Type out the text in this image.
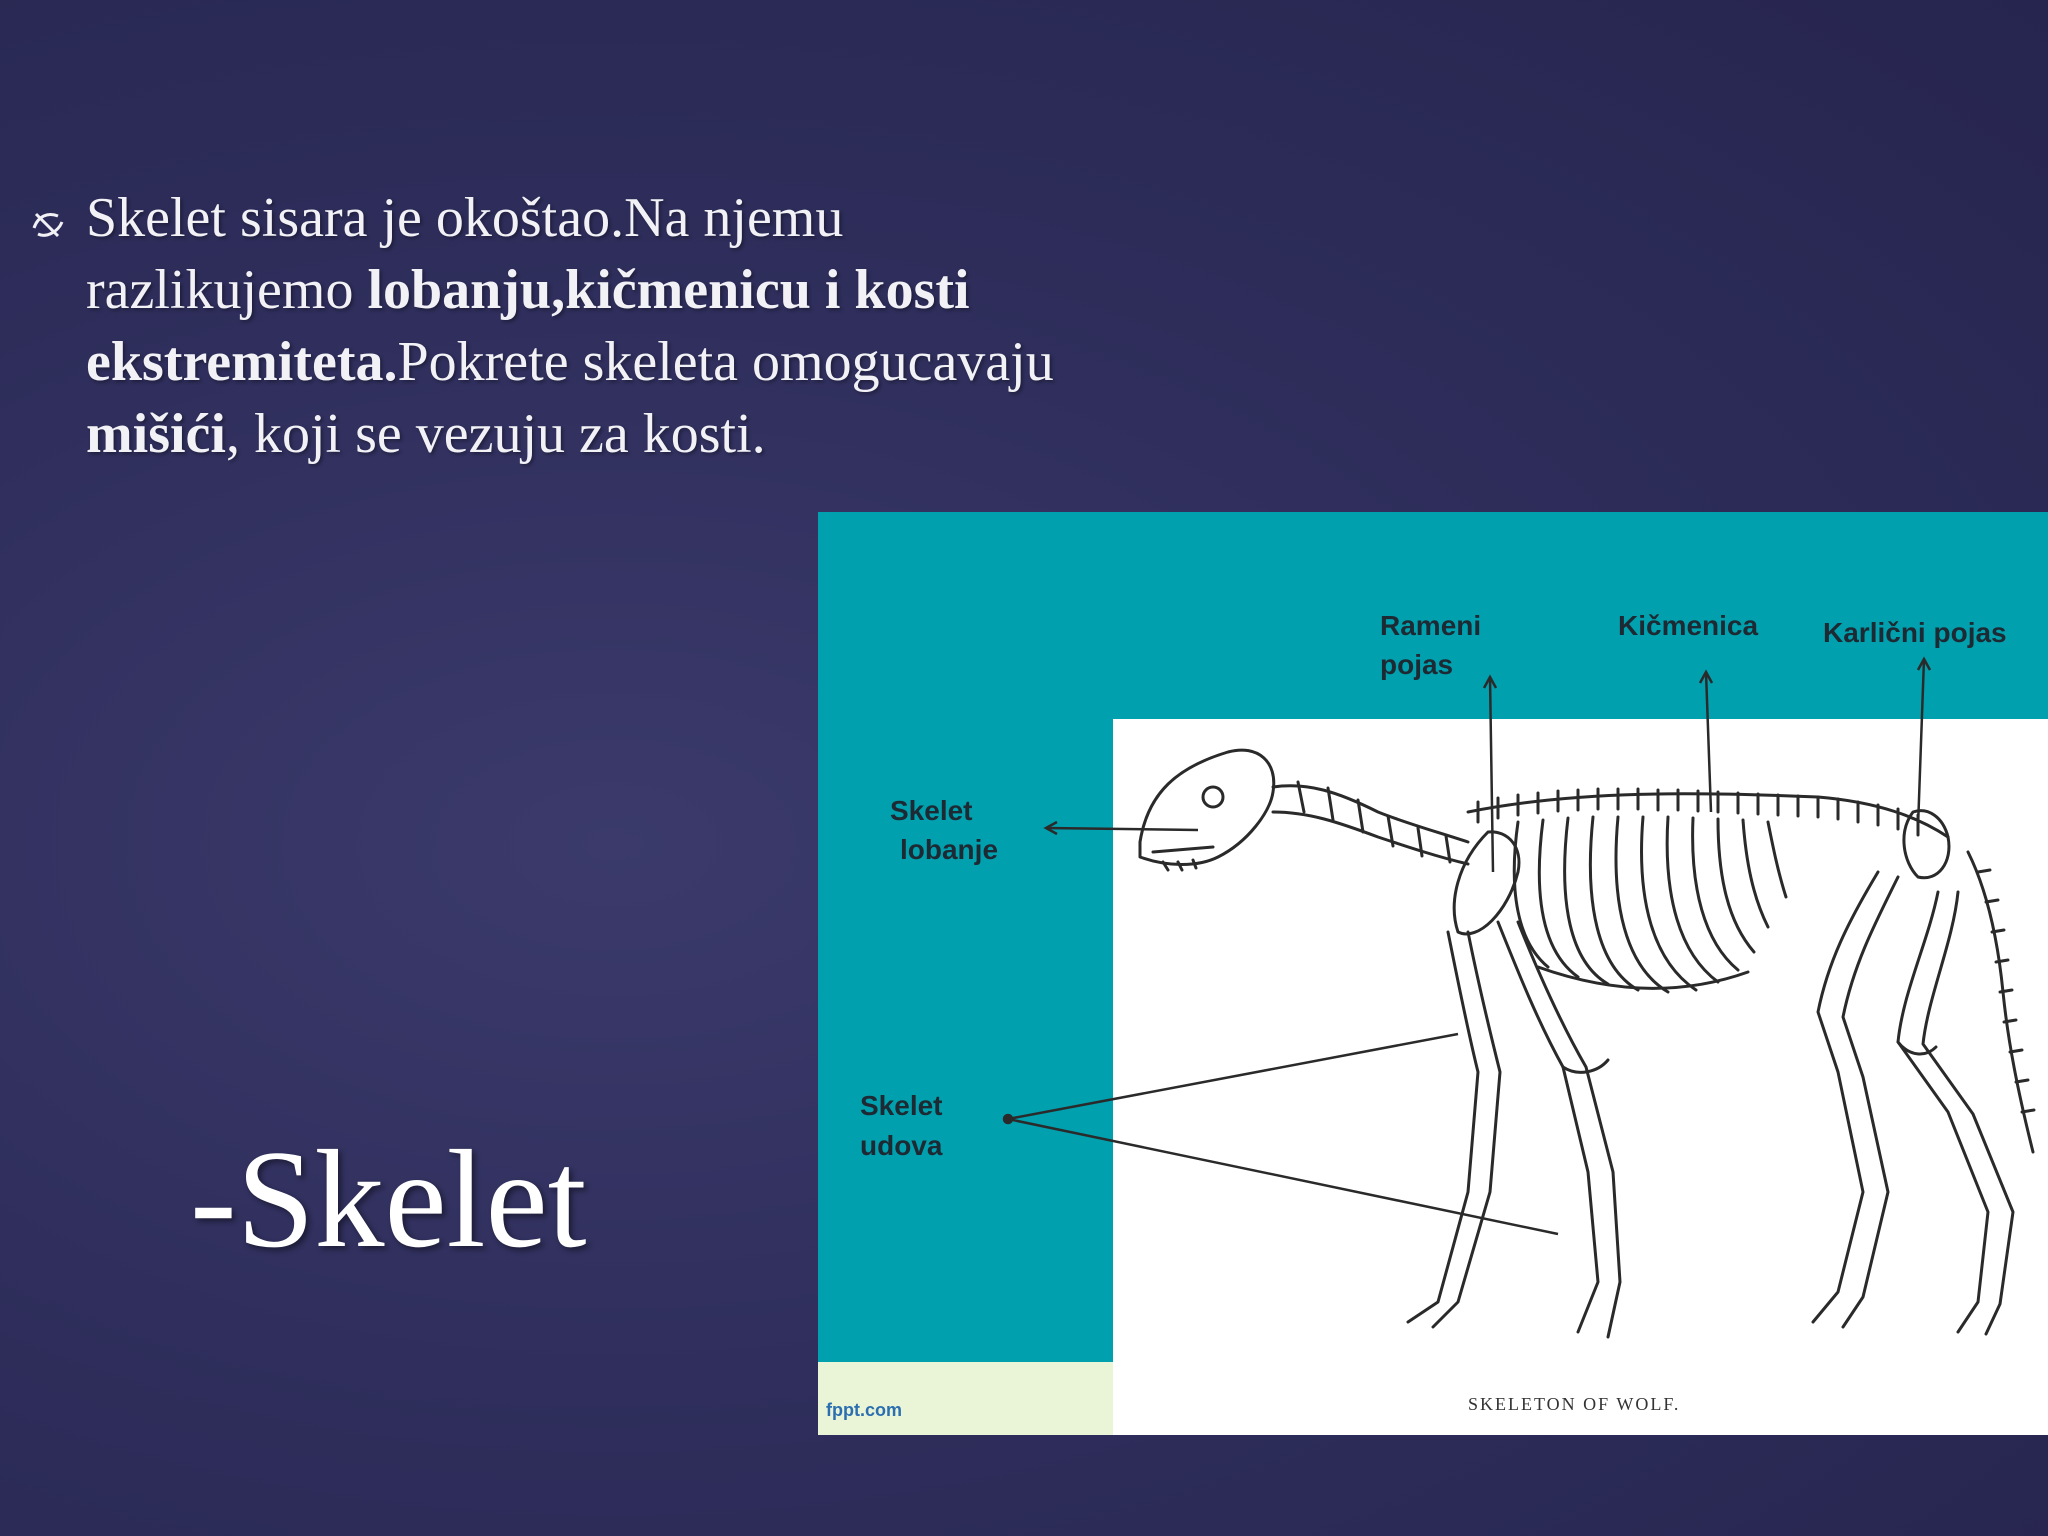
Skelet sisara je okoštao.Na njemu razlikujemo lobanju,kičmenicu i kosti ekstremiteta.Pokrete skeleta omogucavaju mišići, koji se vezuju za kosti.
-Skelet
Rameni
pojas
Kičmenica Karlični pojas
Skelet
lobanje
Skelet
udova
SKELETON OF WOLF.
fppt.com
